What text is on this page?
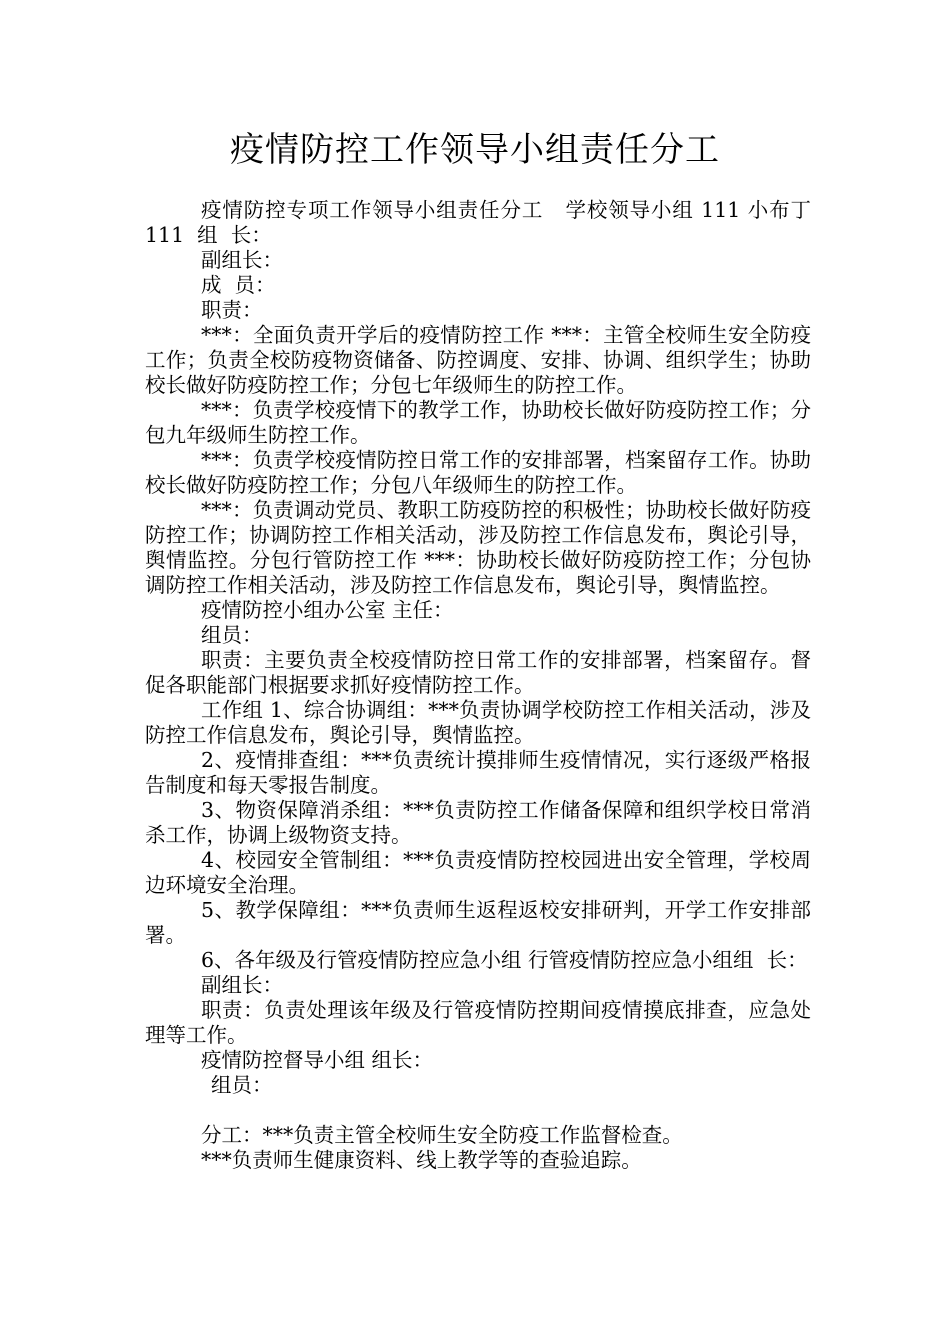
疫情防控工作领导小组责任分工

疫情防控专项工作领导小组责任分工   学校领导小组 111 小布丁 111  组  长：

副组长：

成  员：

职责：

***：全面负责开学后的疫情防控工作 ***：主管全校师生安全防疫工作；负责全校防疫物资储备、防控调度、安排、协调、组织学生；协助校长做好防疫防控工作；分包七年级师生的防控工作。

***：负责学校疫情下的教学工作，协助校长做好防疫防控工作；分包九年级师生防控工作。

***：负责学校疫情防控日常工作的安排部署，档案留存工作。协助校长做好防疫防控工作；分包八年级师生的防控工作。

***：负责调动党员、教职工防疫防控的积极性；协助校长做好防疫防控工作；协调防控工作相关活动，涉及防控工作信息发布，舆论引导，舆情监控。分包行管防控工作 ***：协助校长做好防疫防控工作；分包协调防控工作相关活动，涉及防控工作信息发布，舆论引导，舆情监控。

疫情防控小组办公室 主任：

组员：

职责：主要负责全校疫情防控日常工作的安排部署，档案留存。督促各职能部门根据要求抓好疫情防控工作。

工作组 1、综合协调组：***负责协调学校防控工作相关活动，涉及防控工作信息发布，舆论引导，舆情监控。

2、疫情排查组：***负责统计摸排师生疫情情况，实行逐级严格报告制度和每天零报告制度。

3、物资保障消杀组：***负责防控工作储备保障和组织学校日常消杀工作，协调上级物资支持。

4、校园安全管制组：***负责疫情防控校园进出安全管理，学校周边环境安全治理。

5、教学保障组：***负责师生返程返校安排研判，开学工作安排部署。

6、各年级及行管疫情防控应急小组 行管疫情防控应急小组组  长：

副组长：

职责：负责处理该年级及行管疫情防控期间疫情摸底排查，应急处理等工作。

疫情防控督导小组 组长：

组员：

分工：***负责主管全校师生安全防疫工作监督检查。

***负责师生健康资料、线上教学等的查验追踪。
